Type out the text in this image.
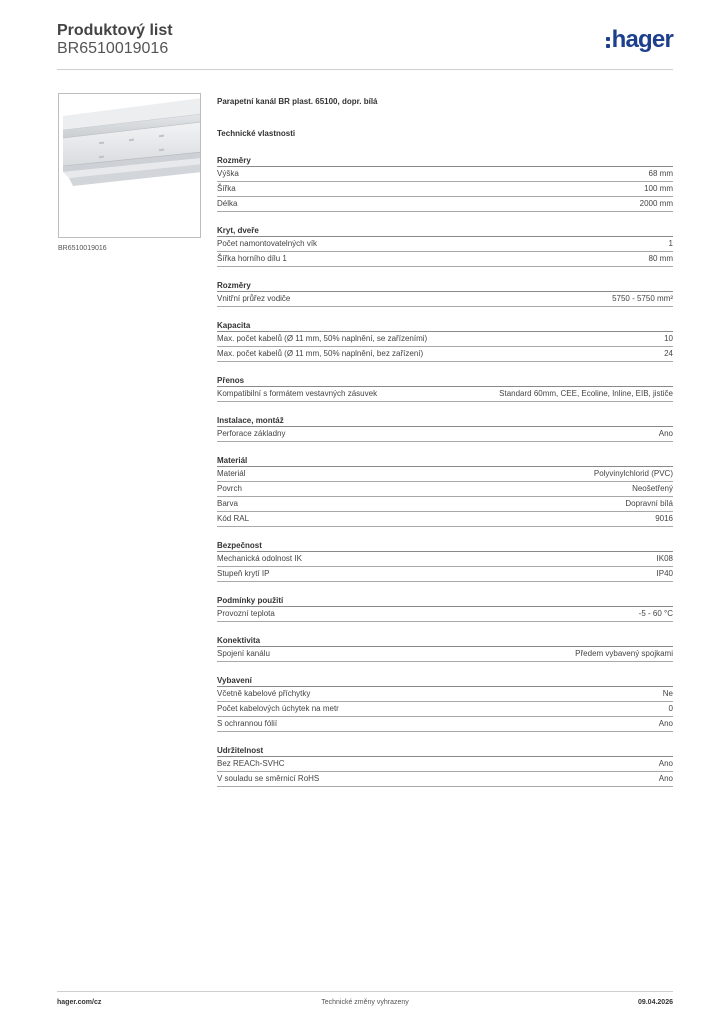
Produktový list
BR6510019016	hager
BR6510019016
Parapetní kanál BR plast. 65100, dopr. bílá
Technické vlastnosti
Rozměry
Výška	68 mm
Šířka	100 mm
Délka	2000 mm
Kryt, dveře
Počet namontovatelných vík	1
Šířka horního dílu 1	80 mm
Rozměry
Vnitřní průřez vodiče	5750 - 5750 mm²
Kapacita
Max. počet kabelů (Ø 11 mm, 50% naplnění, se zařízeními)	10
Max. počet kabelů (Ø 11 mm, 50% naplnění, bez zařízení)	24
Přenos
Kompatibilní s formátem vestavných zásuvek	Standard 60mm, CEE, Ecoline, Inline, EIB, jističe
Instalace, montáž
Perforace základny	Ano
Materiál
Materiál	Polyvinylchlorid (PVC)
Povrch	Neošetřený
Barva	Dopravní bílá
Kód RAL	9016
Bezpečnost
Mechanická odolnost IK	IK08
Stupeň krytí IP	IP40
Podmínky použití
Provozní teplota	-5 - 60 °C
Konektivita
Spojení kanálu	Předem vybavený spojkami
Vybavení
Včetně kabelové příchytky	Ne
Počet kabelových úchytek na metr	0
S ochrannou fólií	Ano
Udržitelnost
Bez REACh-SVHC	Ano
V souladu se směrnicí RoHS	Ano
hager.com/cz	Technické změny vyhrazeny	09.04.2026
